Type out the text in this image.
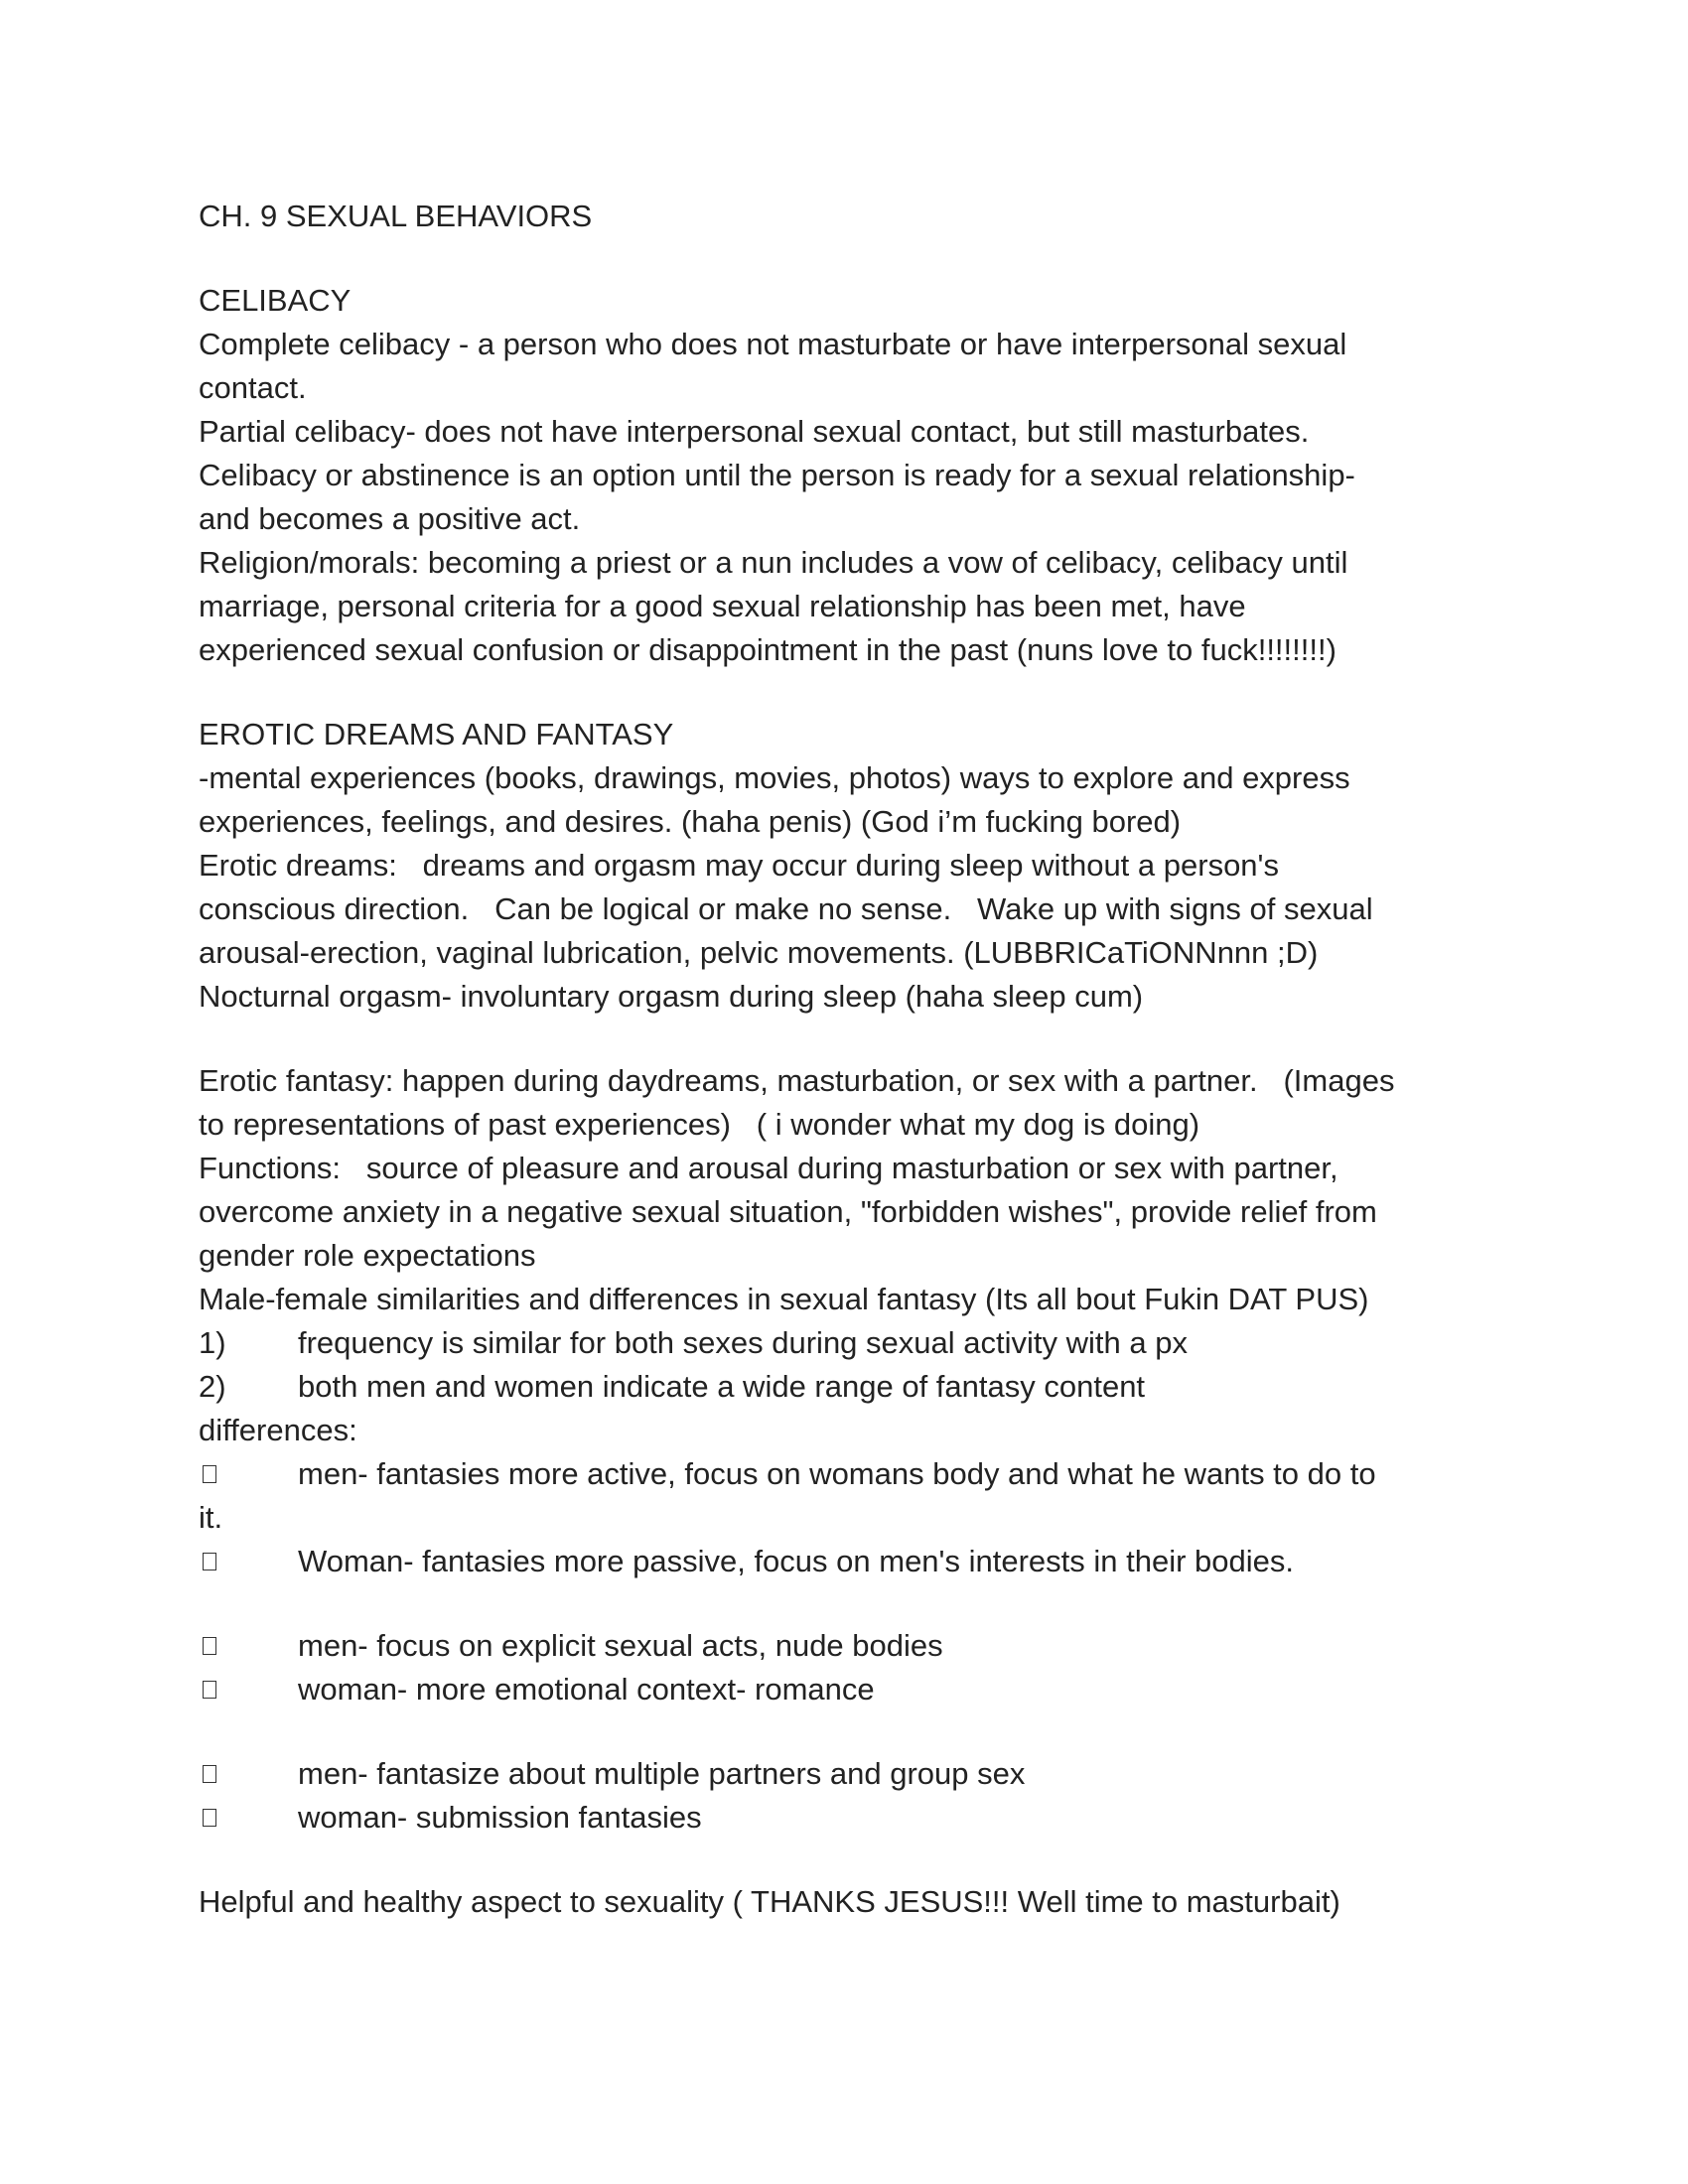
CH. 9 SEXUAL BEHAVIORS
CELIBACY
Complete celibacy - a person who does not masturbate or have interpersonal sexual
contact.
Partial celibacy- does not have interpersonal sexual contact, but still masturbates.
Celibacy or abstinence is an option until the person is ready for a sexual relationship-
and becomes a positive act.
Religion/morals: becoming a priest or a nun includes a vow of celibacy, celibacy until
marriage, personal criteria for a good sexual relationship has been met, have
experienced sexual confusion or disappointment in the past (nuns love to fuck!!!!!!!!)
EROTIC DREAMS AND FANTASY
-mental experiences (books, drawings, movies, photos) ways to explore and express
experiences, feelings, and desires. (haha penis) (God i’m fucking bored)
Erotic dreams:   dreams and orgasm may occur during sleep without a person's
conscious direction.   Can be logical or make no sense.   Wake up with signs of sexual
arousal-erection, vaginal lubrication, pelvic movements. (LUBBRICaTiONNnnn ;D)
Nocturnal orgasm- involuntary orgasm during sleep (haha sleep cum)
Erotic fantasy: happen during daydreams, masturbation, or sex with a partner.   (Images
to representations of past experiences)   ( i wonder what my dog is doing)
Functions:   source of pleasure and arousal during masturbation or sex with partner,
overcome anxiety in a negative sexual situation, "forbidden wishes", provide relief from
gender role expectations
Male-female similarities and differences in sexual fantasy (Its all bout Fukin DAT PUS)
1)	frequency is similar for both sexes during sexual activity with a px
2)	both men and women indicate a wide range of fantasy content
differences:
men- fantasies more active, focus on womans body and what he wants to do to
it.
Woman- fantasies more passive, focus on men's interests in their bodies.
men- focus on explicit sexual acts, nude bodies
woman- more emotional context- romance
men- fantasize about multiple partners and group sex
woman- submission fantasies
Helpful and healthy aspect to sexuality ( THANKS JESUS!!! Well time to masturbait)
